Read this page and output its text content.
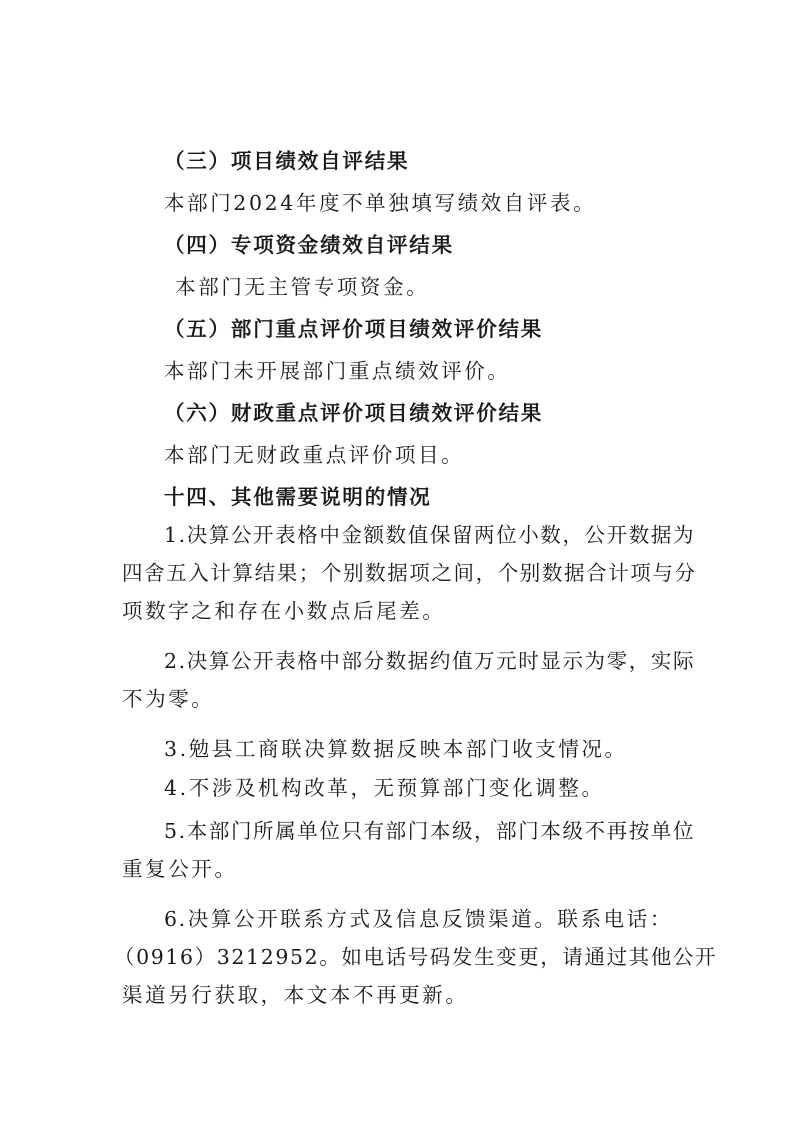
（三）项目绩效自评结果
本部门2024年度不单独填写绩效自评表。
（四）专项资金绩效自评结果
本部门无主管专项资金。
（五）部门重点评价项目绩效评价结果
本部门未开展部门重点绩效评价。
（六）财政重点评价项目绩效评价结果
本部门无财政重点评价项目。
十四、其他需要说明的情况
1.决算公开表格中金额数值保留两位小数，公开数据为
四舍五入计算结果；个别数据项之间，个别数据合计项与分
项数字之和存在小数点后尾差。
2.决算公开表格中部分数据约值万元时显示为零，实际
不为零。
3.勉县工商联决算数据反映本部门收支情况。
4.不涉及机构改革，无预算部门变化调整。
5.本部门所属单位只有部门本级，部门本级不再按单位
重复公开。
6.决算公开联系方式及信息反馈渠道。联系电话：
（0916）3212952。如电话号码发生变更，请通过其他公开
渠道另行获取，本文本不再更新。
